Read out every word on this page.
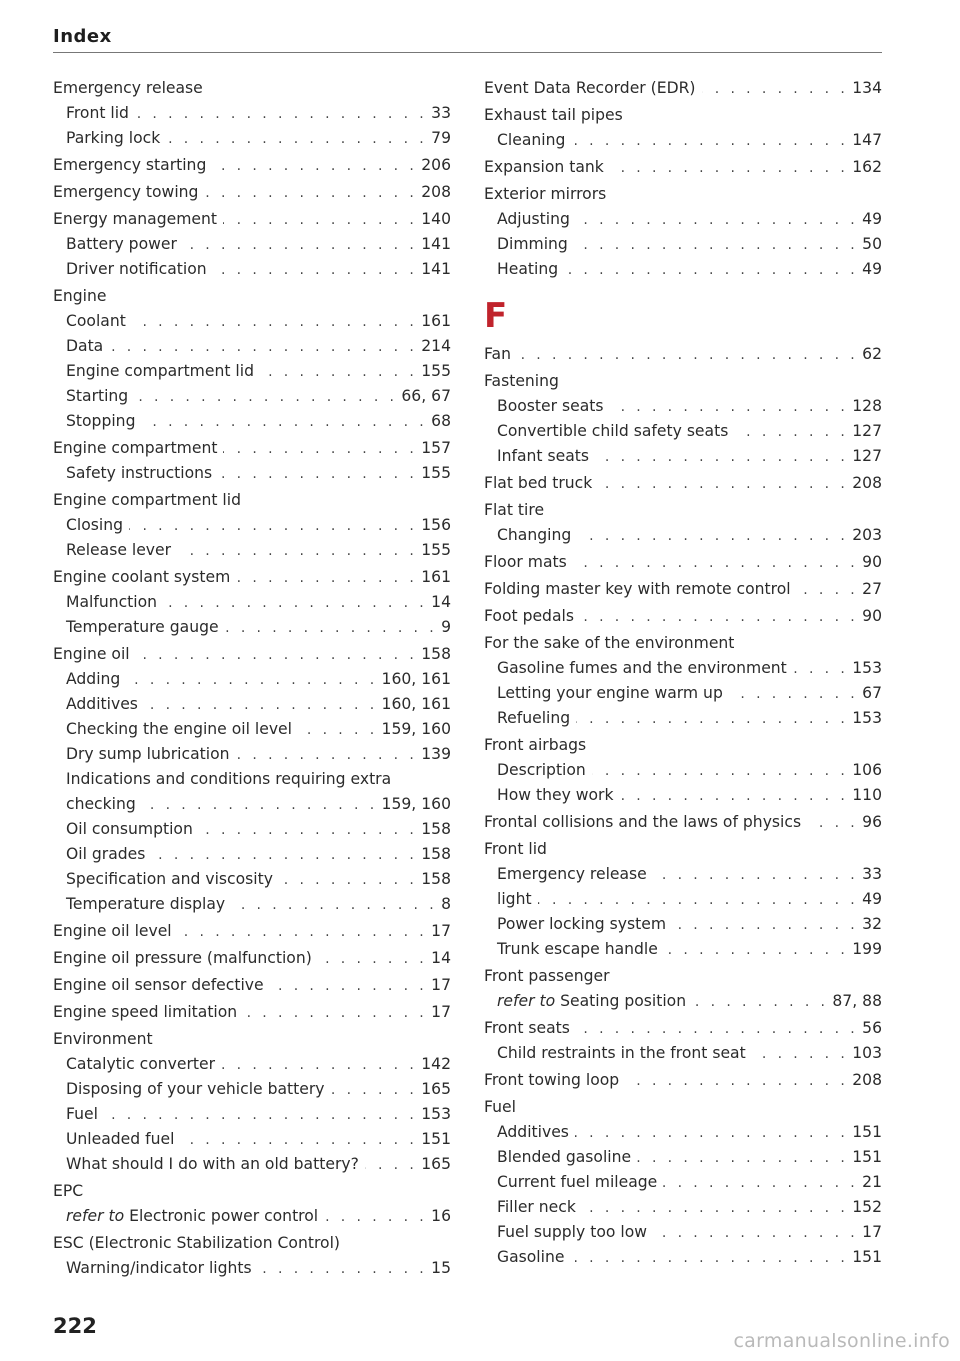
Index
Emergency release
Front lid . . .	33
Parking lock . . .	79
Emergency starting . . .	206
Emergency towing . . .	208
Energy management . . .	140
Battery power . . .	141
Driver notification . . .	141
Engine
Coolant . . .	161
Data . . .	214
Engine compartment lid . . .	155
Starting . . .	66, 67
Stopping . . .	68
Engine compartment . . .	157
Safety instructions . . .	155
Engine compartment lid
Closing . . .	156
Release lever . . .	155
Engine coolant system . . .	161
Malfunction . . .	14
Temperature gauge . . .	9
Engine oil . . .	158
Adding . . .	160, 161
Additives . . .	160, 161
Checking the engine oil level . . .	159, 160
Dry sump lubrication . . .	139
Indications and conditions requiring extra
checking . . .	159, 160
Oil consumption . . .	158
Oil grades . . .	158
Specification and viscosity . . .	158
Temperature display . . .	8
Engine oil level . . .	17
Engine oil pressure (malfunction) . . .	14
Engine oil sensor defective . . .	17
Engine speed limitation . . .	17
Environment
Catalytic converter . . .	142
Disposing of your vehicle battery . . .	165
Fuel . . .	153
Unleaded fuel . . .	151
What should I do with an old battery? . . .	165
EPC
refer to Electronic power control . . .	16
ESC (Electronic Stabilization Control)
Warning/indicator lights . . .	15
Event Data Recorder (EDR) . . .	134
Exhaust tail pipes
Cleaning . . .	147
Expansion tank . . .	162
Exterior mirrors
Adjusting . . .	49
Dimming . . .	50
Heating . . .	49
F
Fan . . .	62
Fastening
Booster seats . . .	128
Convertible child safety seats . . .	127
Infant seats . . .	127
Flat bed truck . . .	208
Flat tire
Changing . . .	203
Floor mats . . .	90
Folding master key with remote control . . .	27
Foot pedals . . .	90
For the sake of the environment
Gasoline fumes and the environment . . .	153
Letting your engine warm up . . .	67
Refueling . . .	153
Front airbags
Description . . .	106
How they work . . .	110
Frontal collisions and the laws of physics . . .	96
Front lid
Emergency release . . .	33
light . . .	49
Power locking system . . .	32
Trunk escape handle . . .	199
Front passenger
refer to Seating position . . .	87, 88
Front seats . . .	56
Child restraints in the front seat . . .	103
Front towing loop . . .	208
Fuel
Additives . . .	151
Blended gasoline . . .	151
Current fuel mileage . . .	21
Filler neck . . .	152
Fuel supply too low . . .	17
Gasoline . . .	151
222
carmanualsonline.info
